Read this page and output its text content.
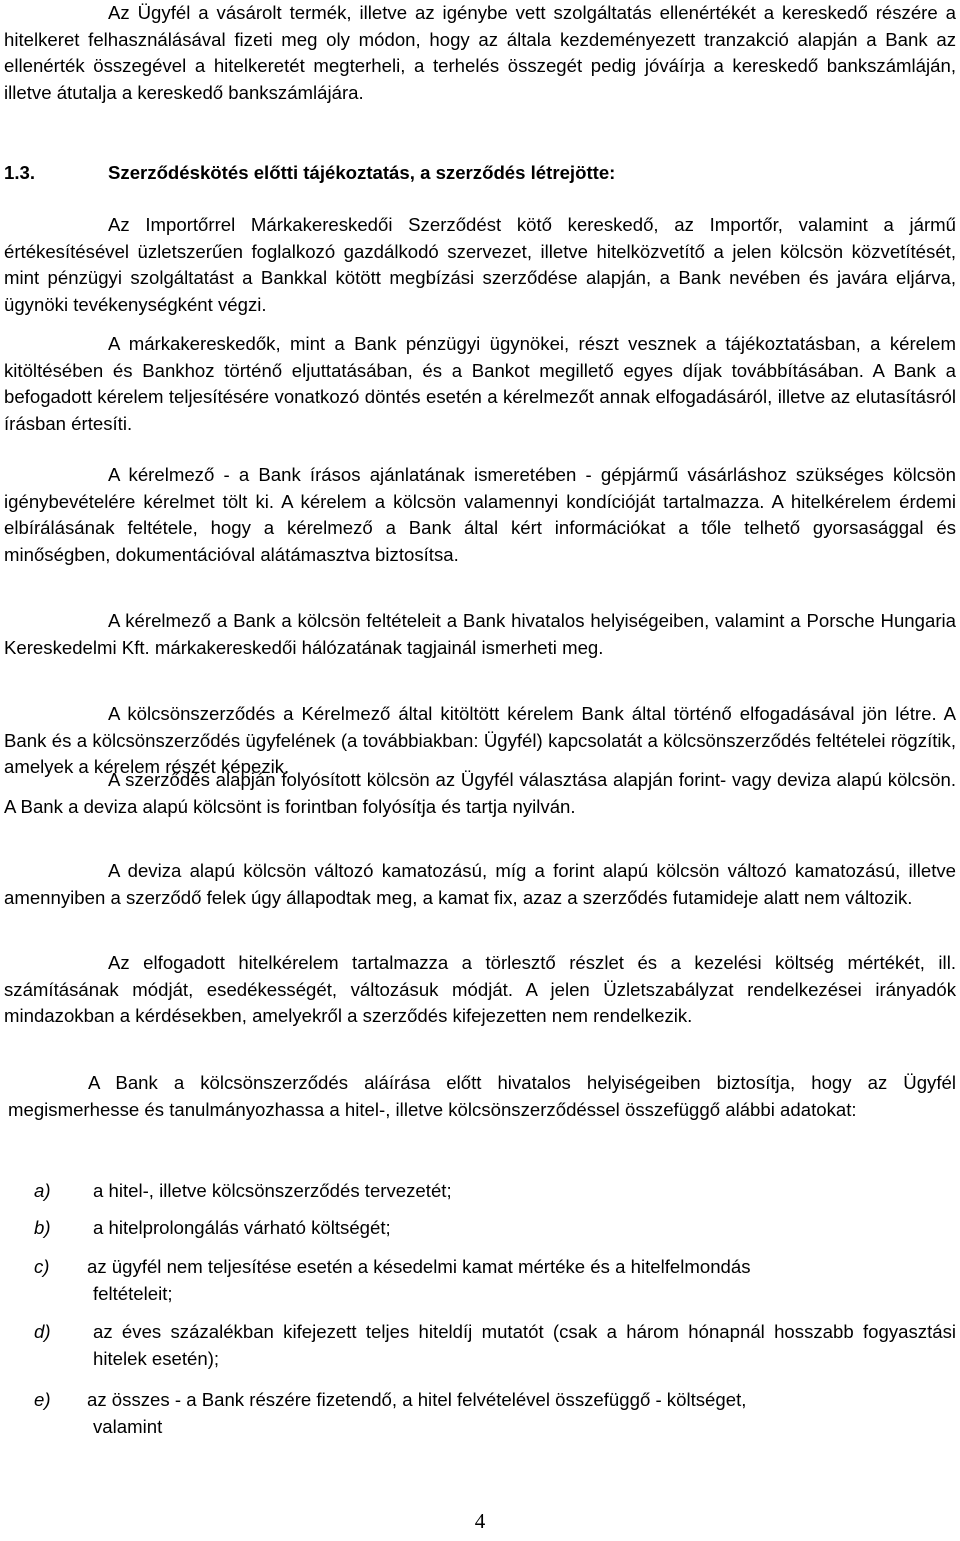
Az Ügyfél a vásárolt termék, illetve az igénybe vett szolgáltatás ellenértékét a kereskedő részére a hitelkeret felhasználásával fizeti meg oly módon, hogy az általa kezdeményezett tranzakció alapján a Bank az ellenérték összegével a hitelkeretét megterheli, a terhelés összegét pedig jóváírja a kereskedő bankszámláján, illetve átutalja a kereskedő bankszámlájára.

1.3.	Szerződéskötés előtti tájékoztatás, a szerződés létrejötte:

Az Importőrrel Márkakereskedői Szerződést kötő kereskedő, az Importőr, valamint a jármű értékesítésével üzletszerűen foglalkozó gazdálkodó szervezet, illetve hitelközvetítő a jelen kölcsön közvetítését, mint pénzügyi szolgáltatást a Bankkal kötött megbízási szerződése alapján, a Bank nevében és javára eljárva, ügynöki tevékenységként végzi.

A márkakereskedők, mint a Bank pénzügyi ügynökei, részt vesznek a tájékoztatásban, a kérelem kitöltésében és Bankhoz történő eljuttatásában, és a Bankot megillető egyes díjak továbbításában. A Bank a befogadott kérelem teljesítésére vonatkozó döntés esetén a kérelmezőt annak elfogadásáról, illetve az elutasításról írásban értesíti.

A kérelmező - a Bank írásos ajánlatának ismeretében - gépjármű vásárláshoz szükséges kölcsön igénybevételére kérelmet tölt ki. A kérelem a kölcsön valamennyi kondícióját tartalmazza. A hitelkérelem érdemi elbírálásának feltétele, hogy a kérelmező a Bank által kért információkat a tőle telhető gyorsasággal és minőségben, dokumentációval alátámasztva biztosítsa.

A kérelmező a Bank a kölcsön feltételeit a Bank hivatalos helyiségeiben, valamint a Porsche Hungaria Kereskedelmi Kft. márkakereskedői hálózatának tagjainál ismerheti meg.

A kölcsönszerződés a Kérelmező által kitöltött kérelem Bank által történő elfogadásával jön létre. A Bank és a kölcsönszerződés ügyfelének (a továbbiakban: Ügyfél) kapcsolatát a kölcsönszerződés feltételei rögzítik, amelyek a kérelem részét képezik.

A szerződés alapján folyósított kölcsön az Ügyfél választása alapján forint- vagy deviza alapú kölcsön. A Bank a deviza alapú kölcsönt is forintban folyósítja és tartja nyilván.

A deviza alapú kölcsön változó kamatozású, míg a forint alapú kölcsön változó kamatozású, illetve amennyiben a szerződő felek úgy állapodtak meg, a kamat fix, azaz a szerződés futamideje alatt nem változik.

Az elfogadott hitelkérelem tartalmazza a törlesztő részlet és a kezelési költség mértékét, ill. számításának módját, esedékességét, változásuk módját. A jelen Üzletszabályzat rendelkezései irányadók mindazokban a kérdésekben, amelyekről a szerződés kifejezetten nem rendelkezik.

A Bank a kölcsönszerződés aláírása előtt hivatalos helyiségeiben biztosítja, hogy az Ügyfél megismerhesse és tanulmányozhassa a hitel-, illetve kölcsönszerződéssel összefüggő alábbi adatokat:

a) a hitel-, illetve kölcsönszerződés tervezetét;
b) a hitelprolongálás várható költségét;
c) az ügyfél nem teljesítése esetén a késedelmi kamat mértéke és a hitelfelmondás
feltételeit;
d) az éves százalékban kifejezett teljes hiteldíj mutatót (csak a három hónapnál hosszabb fogyasztási hitelek esetén);
e) az összes - a Bank részére fizetendő, a hitel felvételével összefüggő - költséget,
valamint
4
